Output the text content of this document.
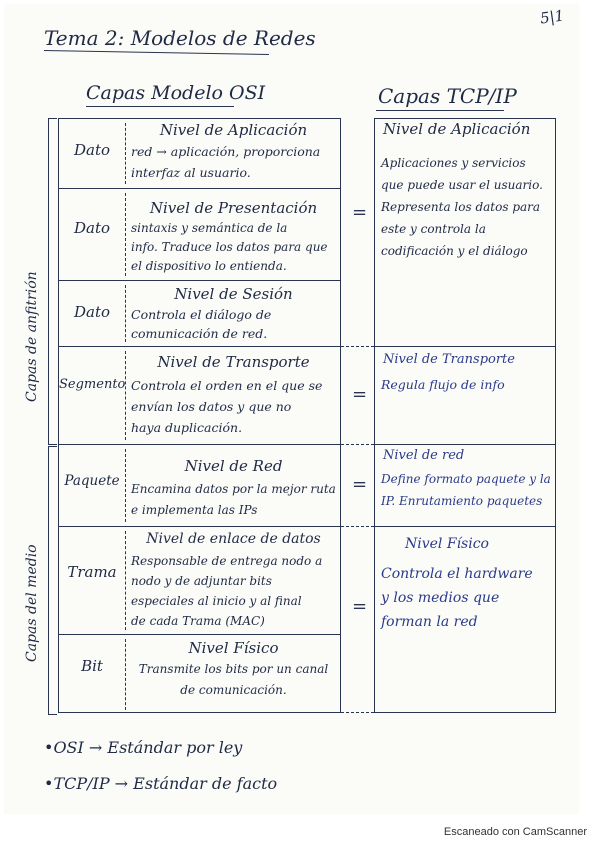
5|1
Tema 2: Modelos de Redes
Capas Modelo OSI	Capas TCP/IP
Capas de anfitrión
Capas del medio
Dato
Nivel de Aplicación
red → aplicación, proporciona
interfaz al usuario.
Dato
Nivel de Presentación
sintaxis y semántica de la
info. Traduce los datos para que
el dispositivo lo entienda.
Dato
Nivel de Sesión
Controla el diálogo de
comunicación de red.
Segmento
Nivel de Transporte
Controla el orden en el que se
envían los datos y que no
haya duplicación.
Paquete
Nivel de Red
Encamina datos por la mejor ruta
e implementa las IPs
Trama
Nivel de enlace de datos
Responsable de entrega nodo a
nodo y de adjuntar bits
especiales al inicio y al final
de cada Trama (MAC)
Bit
Nivel Físico
Transmite los bits por un canal
de comunicación.
=
=
=
=
Nivel de Aplicación
Aplicaciones y servicios
que puede usar el usuario.
Representa los datos para
este y controla la
codificación y el diálogo
Nivel de Transporte
Regula flujo de info
Nivel de red
Define formato paquete y la
IP. Enrutamiento paquetes
Nivel Físico
Controla el hardware
y los medios que
forman la red
•OSI → Estándar por ley
•TCP/IP → Estándar de facto
Escaneado con CamScanner
